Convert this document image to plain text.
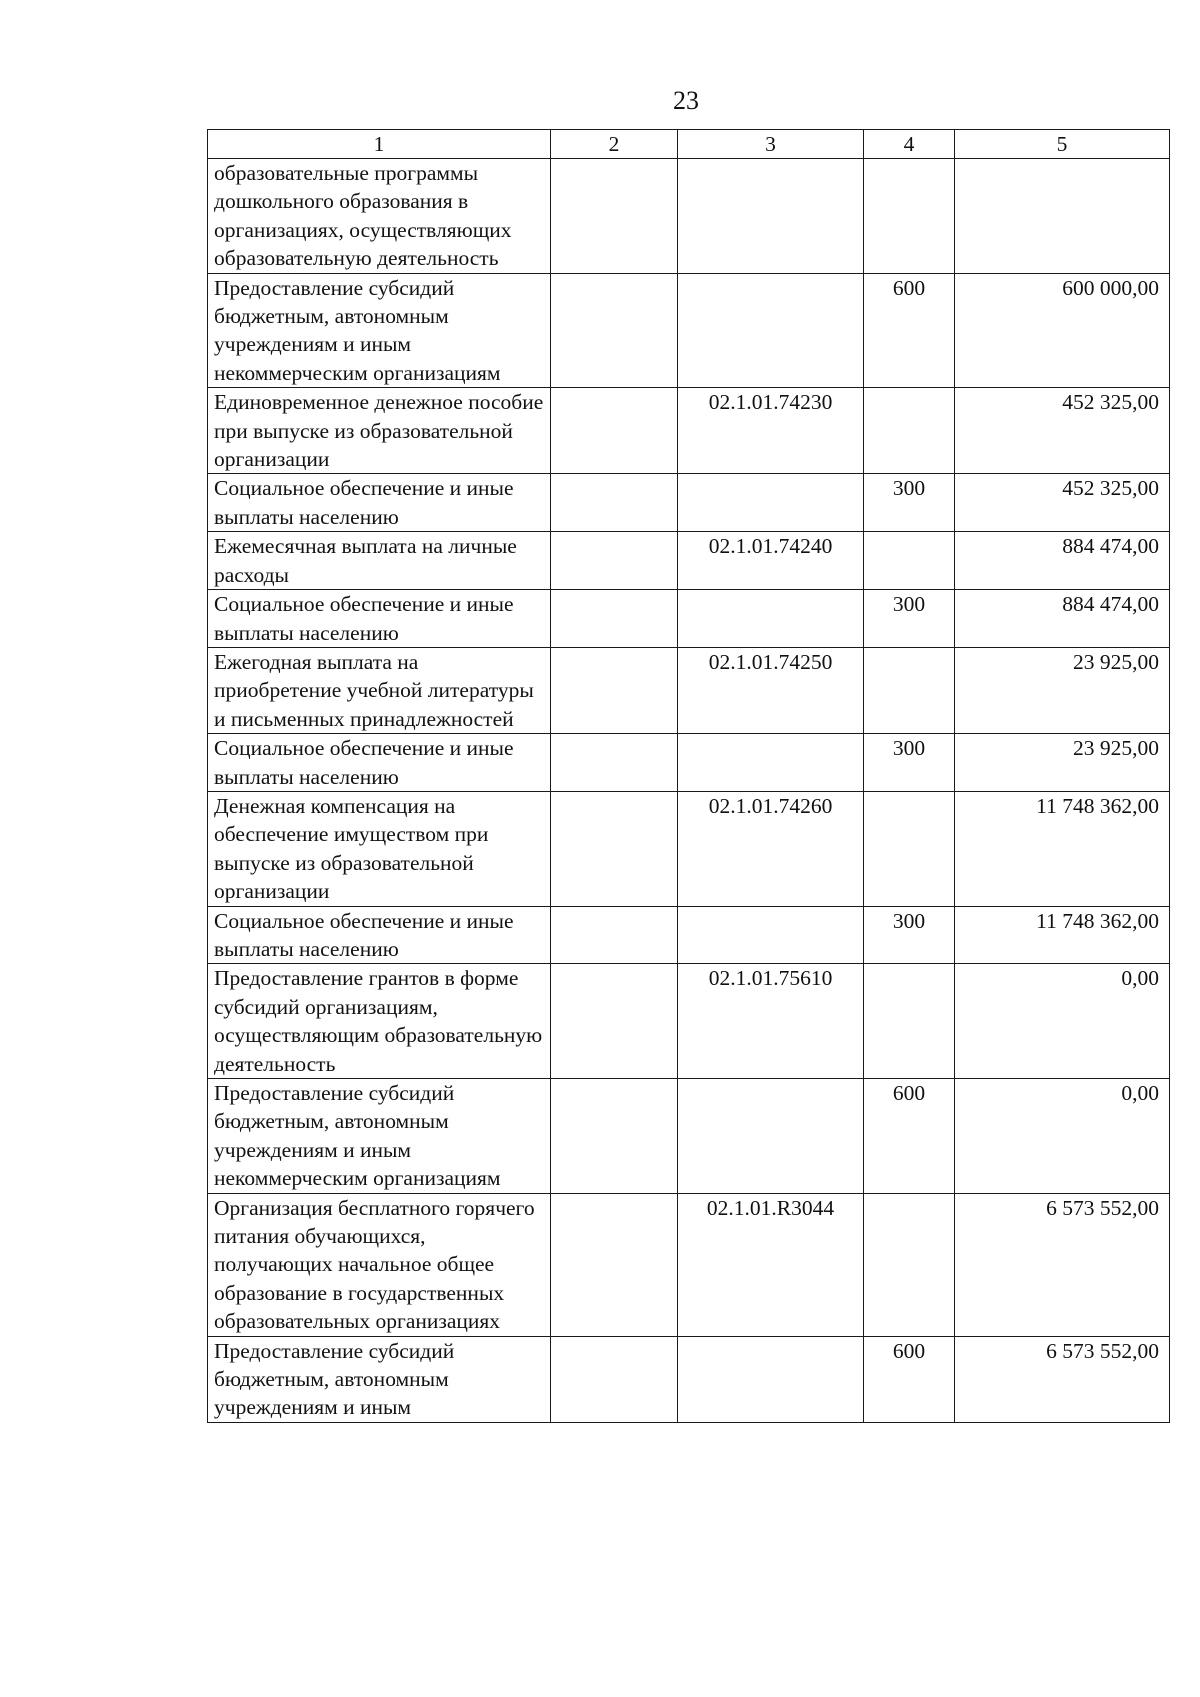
23
1	2	3	4	5
образовательные программы дошкольного образования в организациях, осуществляющих образовательную деятельность				
Предоставление субсидий бюджетным, автономным учреждениям и иным некоммерческим организациям			600	600 000,00
Единовременное денежное пособие при выпуске из образовательной организации		02.1.01.74230		452 325,00
Социальное обеспечение и иные выплаты населению			300	452 325,00
Ежемесячная выплата на личные расходы		02.1.01.74240		884 474,00
Социальное обеспечение и иные выплаты населению			300	884 474,00
Ежегодная выплата на приобретение учебной литературы и письменных принадлежностей		02.1.01.74250		23 925,00
Социальное обеспечение и иные выплаты населению			300	23 925,00
Денежная компенсация на обеспечение имуществом при выпуске из образовательной организации		02.1.01.74260		11 748 362,00
Социальное обеспечение и иные выплаты населению			300	11 748 362,00
Предоставление грантов в форме субсидий организациям, осуществляющим образовательную деятельность		02.1.01.75610		0,00
Предоставление субсидий бюджетным, автономным учреждениям и иным некоммерческим организациям			600	0,00
Организация бесплатного горячего питания обучающихся, получающих начальное общее образование в государственных образовательных организациях		02.1.01.R3044		6 573 552,00
Предоставление субсидий бюджетным, автономным учреждениям и иным			600	6 573 552,00
